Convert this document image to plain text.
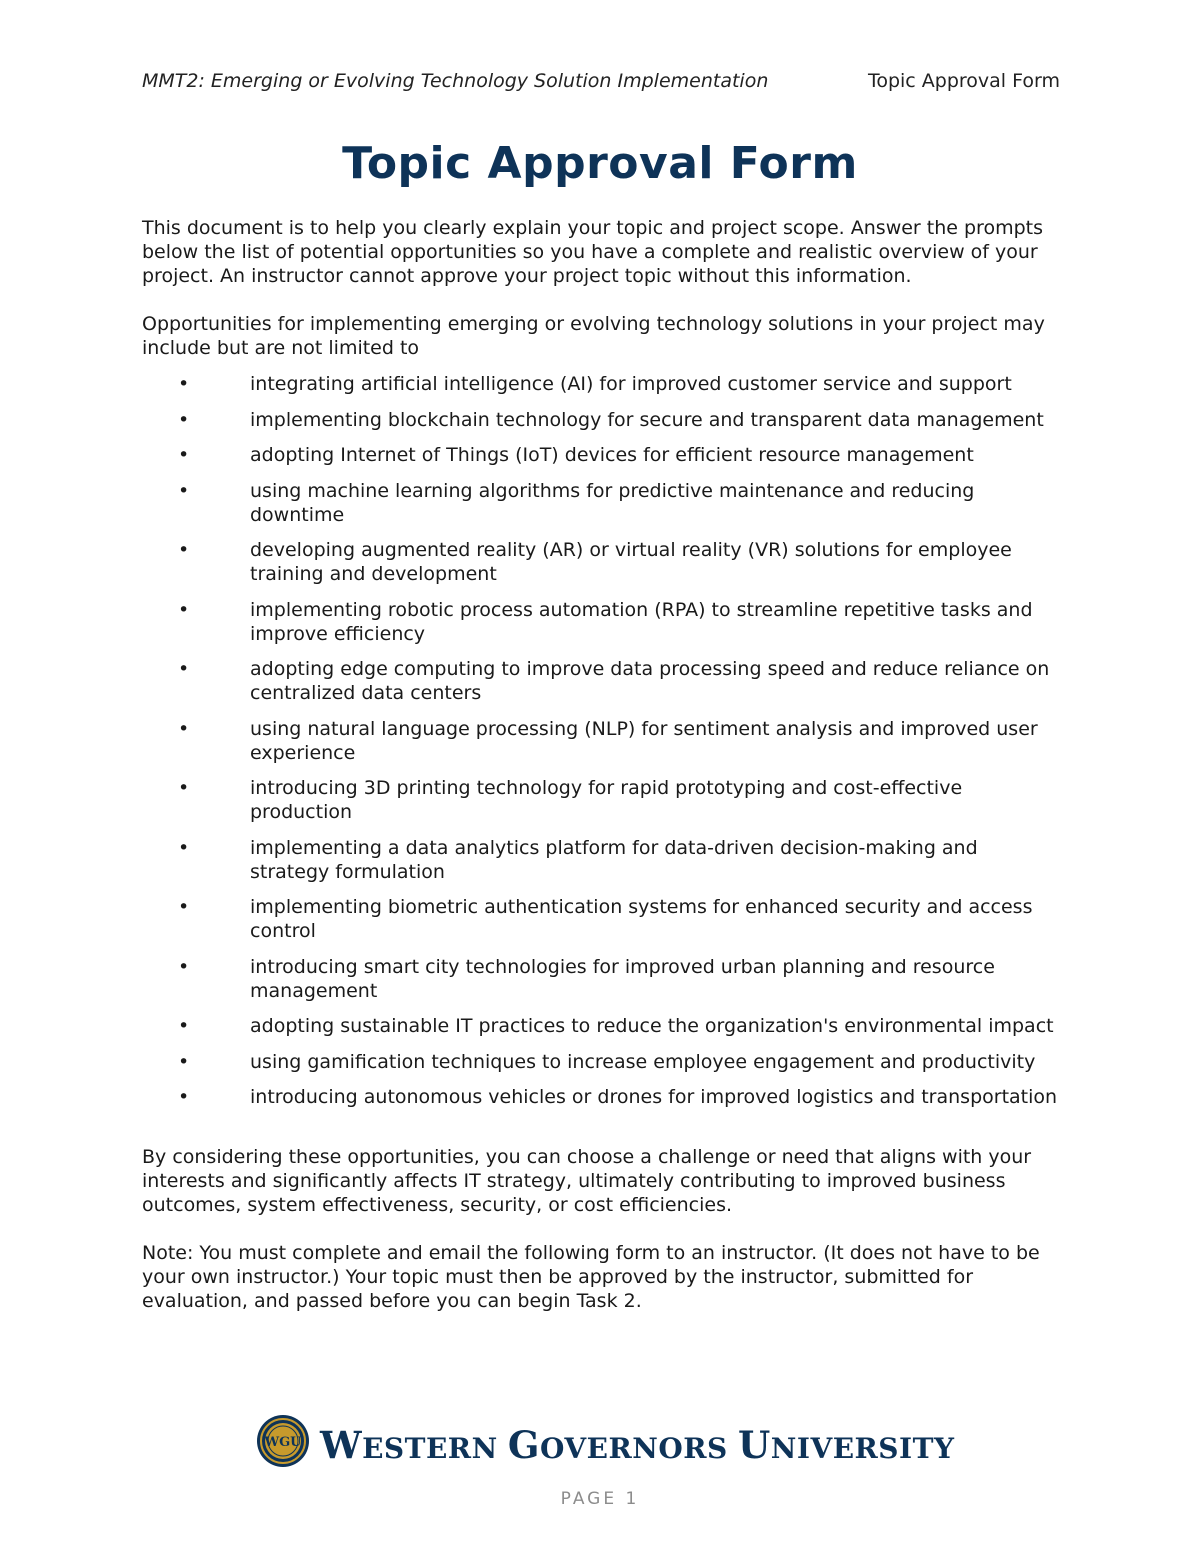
MMT2: Emerging or Evolving Technology Solution Implementation	Topic Approval Form
Topic Approval Form

This document is to help you clearly explain your topic and project scope. Answer the prompts below the list of potential opportunities so you have a complete and realistic overview of your project. An instructor cannot approve your project topic without this information.

Opportunities for implementing emerging or evolving technology solutions in your project may include but are not limited to

•	integrating artificial intelligence (AI) for improved customer service and support
•	implementing blockchain technology for secure and transparent data management
•	adopting Internet of Things (IoT) devices for efficient resource management
•	using machine learning algorithms for predictive maintenance and reducing downtime
•	developing augmented reality (AR) or virtual reality (VR) solutions for employee training and development
•	implementing robotic process automation (RPA) to streamline repetitive tasks and improve efficiency
•	adopting edge computing to improve data processing speed and reduce reliance on centralized data centers
•	using natural language processing (NLP) for sentiment analysis and improved user experience
•	introducing 3D printing technology for rapid prototyping and cost-effective production
•	implementing a data analytics platform for data-driven decision-making and strategy formulation
•	implementing biometric authentication systems for enhanced security and access control
•	introducing smart city technologies for improved urban planning and resource management
•	adopting sustainable IT practices to reduce the organization's environmental impact
•	using gamification techniques to increase employee engagement and productivity
•	introducing autonomous vehicles or drones for improved logistics and transportation

By considering these opportunities, you can choose a challenge or need that aligns with your interests and significantly affects IT strategy, ultimately contributing to improved business outcomes, system effectiveness, security, or cost efficiencies.

Note: You must complete and email the following form to an instructor. (It does not have to be your own instructor.) Your topic must then be approved by the instructor, submitted for evaluation, and passed before you can begin Task 2.

WGU WESTERN GOVERNORS UNIVERSITY
PAGE 1
